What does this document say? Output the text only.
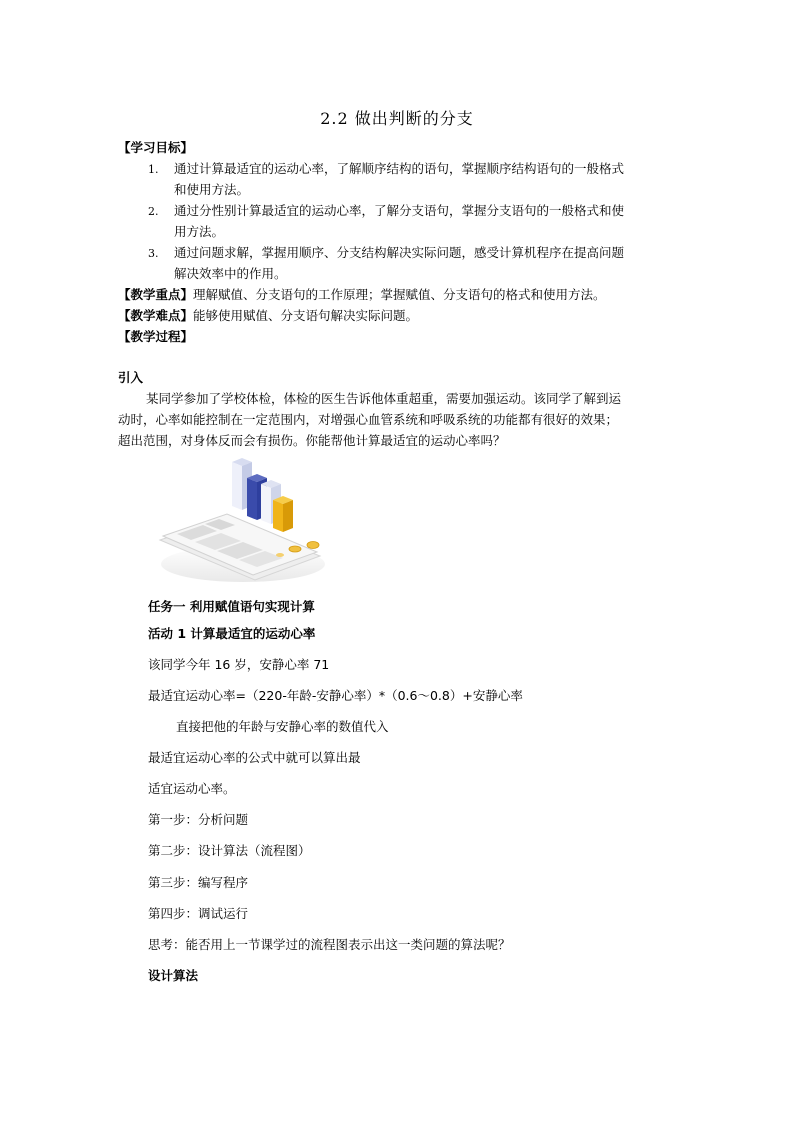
2.2 做出判断的分支
【学习目标】
1. 通过计算最适宜的运动心率，了解顺序结构的语句，掌握顺序结构语句的一般格式
和使用方法。
2. 通过分性别计算最适宜的运动心率，了解分支语句，掌握分支语句的一般格式和使
用方法。
3. 通过问题求解，掌握用顺序、分支结构解决实际问题，感受计算机程序在提高问题
解决效率中的作用。
【教学重点】理解赋值、分支语句的工作原理；掌握赋值、分支语句的格式和使用方法。
【教学难点】能够使用赋值、分支语句解决实际问题。
【教学过程】
引入
某同学参加了学校体检，体检的医生告诉他体重超重，需要加强运动。该同学了解到运
动时，心率如能控制在一定范围内，对增强心血管系统和呼吸系统的功能都有很好的效果；
超出范围，对身体反而会有损伤。你能帮他计算最适宜的运动心率吗？
任务一 利用赋值语句实现计算
活动 1 计算最适宜的运动心率
该同学今年 16 岁，安静心率 71
最适宜运动心率=（220-年龄-安静心率）*（0.6～0.8）+安静心率
直接把他的年龄与安静心率的数值代入
最适宜运动心率的公式中就可以算出最
适宜运动心率。
第一步：分析问题
第二步：设计算法（流程图）
第三步：编写程序
第四步：调试运行
思考：能否用上一节课学过的流程图表示出这一类问题的算法呢？
设计算法
